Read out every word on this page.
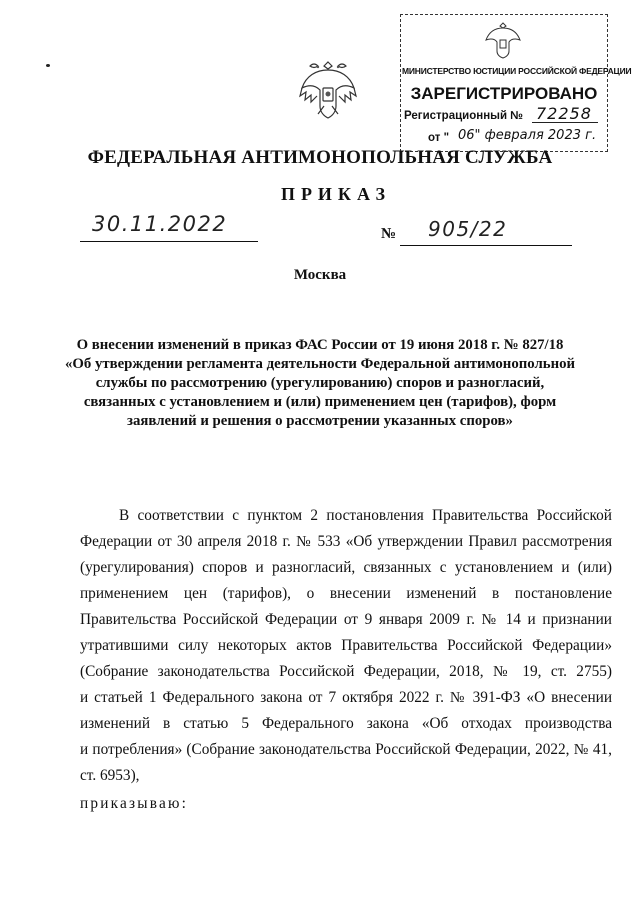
МИНИСТЕРСТВО ЮСТИЦИИ РОССИЙСКОЙ ФЕДЕРАЦИИ
ЗАРЕГИСТРИРОВАНО
Регистрационный № 72258
от " 06" февраля 2023 г.
ФЕДЕРАЛЬНАЯ АНТИМОНОПОЛЬНАЯ СЛУЖБА
ПРИКАЗ
30.11.2022	№ 905/22
Москва
О внесении изменений в приказ ФАС России от 19 июня 2018 г. № 827/18
«Об утверждении регламента деятельности Федеральной антимонопольной
службы по рассмотрению (урегулированию) споров и разногласий,
связанных с установлением и (или) применением цен (тарифов), форм
заявлений и решения о рассмотрении указанных споров»
В соответствии с пунктом 2 постановления Правительства Российской
Федерации от 30 апреля 2018 г. № 533 «Об утверждении Правил рассмотрения
(урегулирования) споров и разногласий, связанных с установлением и (или)
применением цен (тарифов), о внесении изменений в постановление
Правительства Российской Федерации от 9 января 2009 г. № 14 и признании
утратившими силу некоторых актов Правительства Российской Федерации»
(Собрание законодательства Российской Федерации, 2018, № 19, ст. 2755)
и статьей 1 Федерального закона от 7 октября 2022 г. № 391-ФЗ «О внесении
изменений в статью 5 Федерального закона «Об отходах производства
и потребления» (Собрание законодательства Российской Федерации, 2022, № 41,
ст. 6953),
приказываю:
